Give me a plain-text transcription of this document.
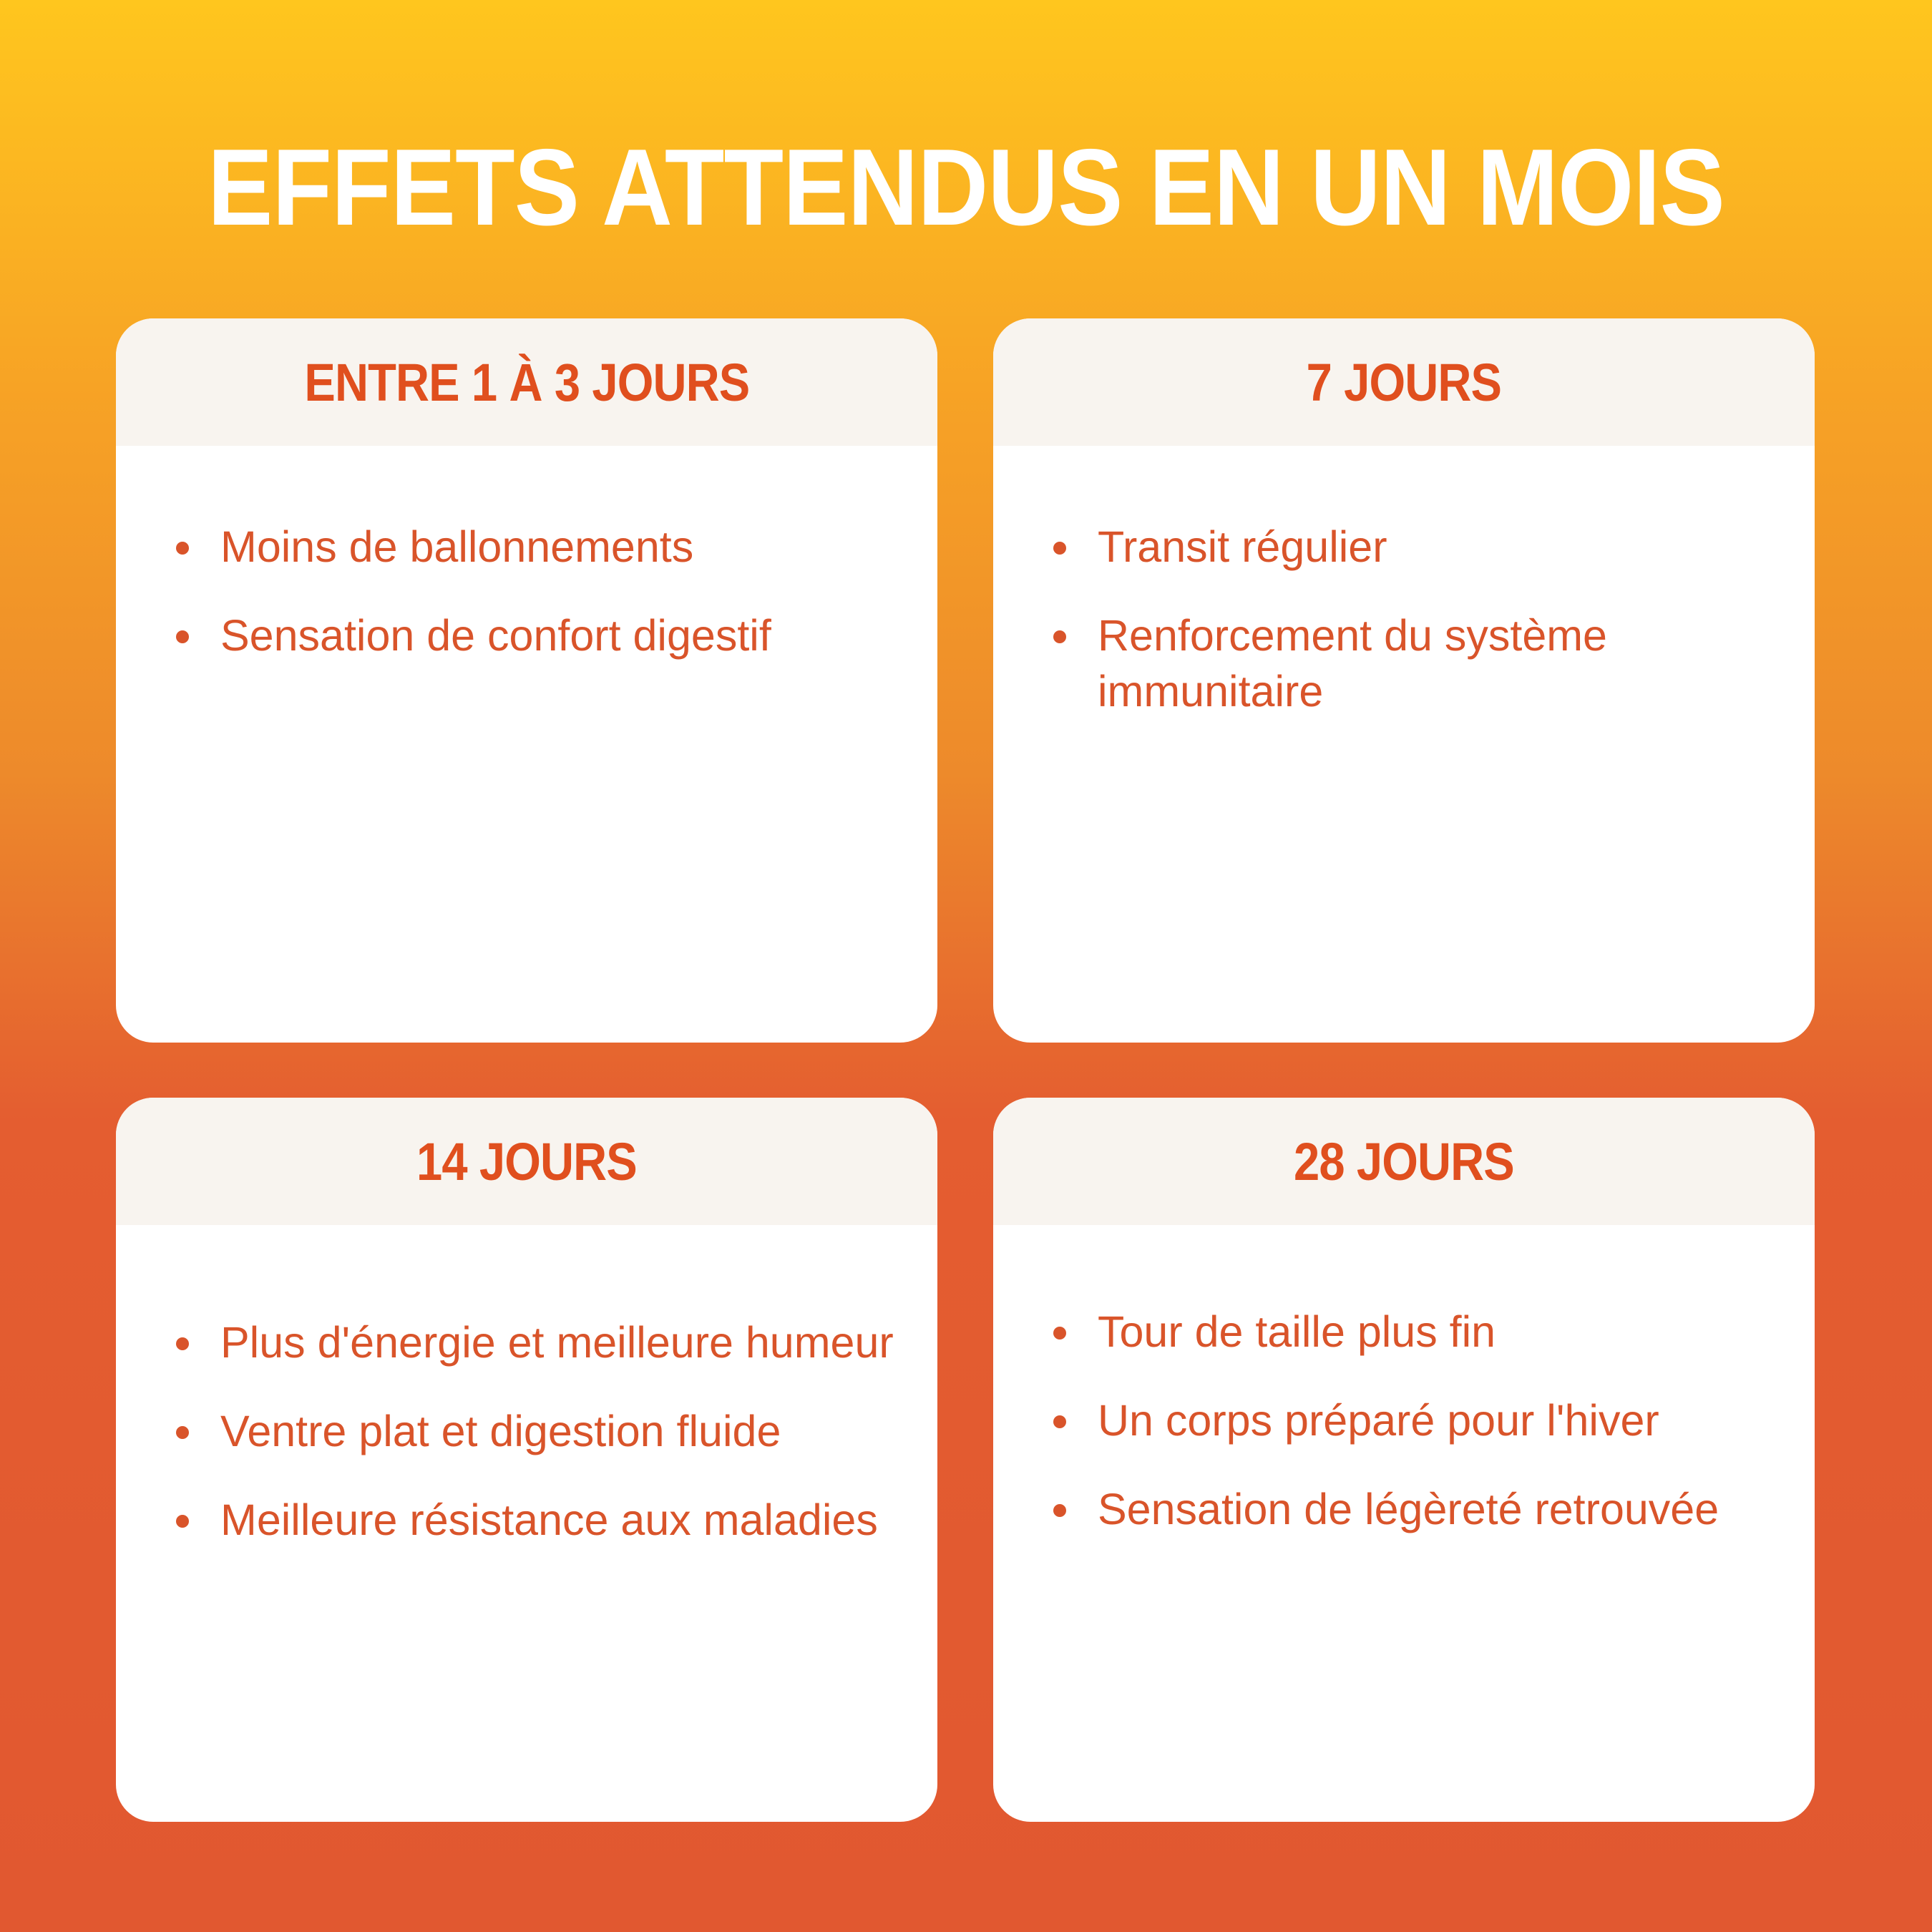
EFFETS ATTENDUS EN UN MOIS
ENTRE 1 À 3 JOURS
Moins de ballonnements
Sensation de confort digestif
7 JOURS
Transit régulier
Renforcement du système immunitaire
14 JOURS
Plus d'énergie et meilleure humeur
Ventre plat et digestion fluide
Meilleure résistance aux maladies
28 JOURS
Tour de taille plus fin
Un corps préparé pour l'hiver
Sensation de légèreté retrouvée
